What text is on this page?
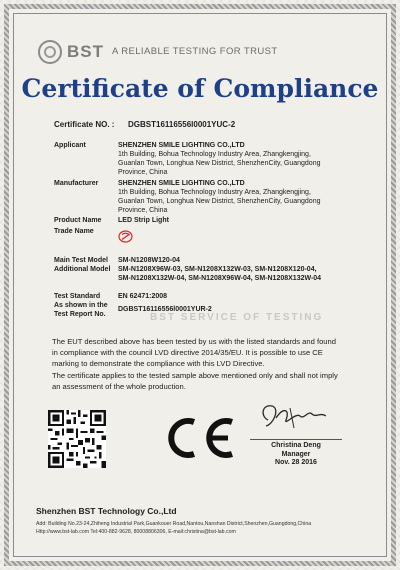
BST A RELIABLE TESTING FOR TRUST
Certificate of Compliance
Certificate NO. : DGBST16116556l0001YUC-2
Applicant	SHENZHEN SMILE LIGHTING CO.,LTD
1th Building, Bohua Technology Industry Area, Zhangkengjing,
Guanlan Town, Longhua New District, ShenzhenCity, Guangdong
Province, China
Manufacturer	SHENZHEN SMILE LIGHTING CO.,LTD
1th Building, Bohua Technology Industry Area, Zhangkengjing,
Guanlan Town, Longhua New District, ShenzhenCity, Guangdong
Province, China
Product Name LED Strip Light
Trade Name
Main Test Model SM-N1208W120-04
Additional Model SM-N1208X96W-03, SM-N1208X132W-03, SM-N1208X120-04,
SM-N1208X132W-04, SM-N1208X96W-04, SM-N1208X132W-04
Test Standard	EN 62471:2008
As shown in the
Test Report No.
DGBST16116556l0001YUR-2
BST SERVICE OF TESTING
The EUT described above has been tested by us with the listed standards and found
in compliance with the council LVD directive 2014/35/EU. It is possible to use CE
marking to demonstrate the compliance with this LVD Directive.
The certificate applies to the tested sample above mentioned only and shall not imply
an assessment of the whole production.
Christina Deng
Manager
Nov. 28 2016
Shenzhen BST Technology Co.,Ltd
Add: Building No.23-24,Zhiheng Industrial Park,Guankouer Road,Nantou,Nanshan District,Shenzhen,Guangdong,China
Http://www.bst-lab.com Tel:400-882-9628, 80008806306, E-mail:christina@bst-lab.com
